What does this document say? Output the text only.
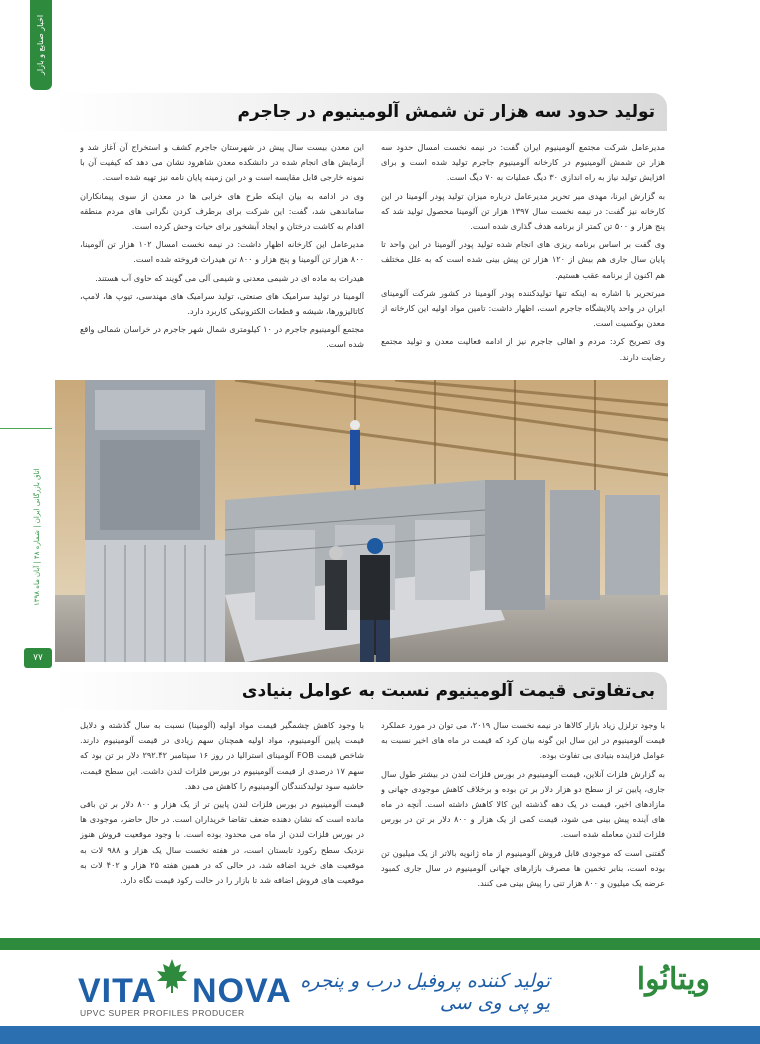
اخبار صنایع و بازار
اتاق بازرگانی ایران | شماره ۴۸ | آبان ماه ۱۳۹۸
۷۷
تولید حدود سه هزار تن شمش آلومینیوم در جاجرم

مدیرعامل شرکت مجتمع آلومینیوم ایران گفت: در نیمه نخست امسال حدود سه هزار تن شمش آلومینیوم در کارخانه آلومینیوم جاجرم تولید شده است و برای افزایش تولید نیاز به راه اندازی ۳۰ دیگ عملیات به ۷۰ دیگ است.

به گزارش ایرنا، مهدی میر تحریر مدیرعامل درباره میزان تولید پودر آلومینا در این کارخانه نیز گفت: در نیمه نخست سال ۱۳۹۷ هزار تن آلومینا محصول تولید شد که پنج هزار و ۵۰۰ تن کمتر از برنامه هدف گذاری شده است.

وی گفت بر اساس برنامه ریزی های انجام شده تولید پودر آلومینا در این واحد تا پایان سال جاری هم بیش از ۱۲۰ هزار تن پیش بینی شده است که به علل مختلف هم اکنون از برنامه عقب هستیم.

میرتحریر با اشاره به اینکه تنها تولیدکننده پودر آلومینا در کشور شرکت آلومینای ایران در واحد پالایشگاه جاجرم است، اظهار داشت: تامین مواد اولیه این کارخانه از معدن بوکسیت است.

وی تصریح کرد: مردم و اهالی جاجرم نیز از ادامه فعالیت معدن و تولید مجتمع رضایت دارند.

این معدن بیست سال پیش در شهرستان جاجرم کشف و استخراج آن آغاز شد و آزمایش های انجام شده در دانشکده معدن شاهرود نشان می دهد که کیفیت آن با نمونه خارجی قابل مقایسه است و در این زمینه پایان نامه نیز تهیه شده است.

وی در ادامه به بیان اینکه طرح های خرابی ها در معدن از سوی پیمانکاران ساماندهی شد، گفت: این شرکت برای برطرف کردن نگرانی های مردم منطقه اقدام به کاشت درختان و ایجاد آبشخور برای حیات وحش کرده است.

مدیرعامل این کارخانه اظهار داشت: در نیمه نخست امسال ۱۰۲ هزار تن آلومینا، ۸۰۰ هزار تن آلومینا و پنج هزار و ۸۰۰ تن هیدرات فروخته شده است.

هیدرات به ماده ای در شیمی معدنی و شیمی آلی می گویند که حاوی آب هستند.

آلومینا در تولید سرامیک های صنعتی، تولید سرامیک های مهندسی، تیوپ ها، لامپ، کاتالیزورها، شیشه و قطعات الکترونیکی کاربرد دارد.

مجتمع آلومینیوم جاجرم در ۱۰ کیلومتری شمال شهر جاجرم در خراسان شمالی واقع شده است.

بی‌تفاوتی قیمت آلومینیوم نسبت به عوامل بنیادی

با وجود تزلزل زیاد بازار کالاها در نیمه نخست سال ۲۰۱۹، می توان در مورد عملکرد قیمت آلومینیوم در این سال این گونه بیان کرد که قیمت در ماه های اخیر نسبت به عوامل فزاینده بنیادی بی تفاوت بوده.

به گزارش فلزات آنلاین، قیمت آلومینیوم در بورس فلزات لندن در بیشتر طول سال جاری، پایین تر از سطح دو هزار دلار بر تن بوده و برخلاف کاهش موجودی جهانی و مازادهای اخیر، قیمت در یک دهه گذشته این کالا کاهش داشته است. آنچه در ماه های آینده پیش بینی می شود، قیمت کمی از یک هزار و ۸۰۰ دلار بر تن در بورس فلزات لندن معامله شده است.

گفتنی است که موجودی قابل فروش آلومینیوم از ماه ژانویه بالاتر از یک میلیون تن بوده است، بنابر تخمین ها مصرف بازارهای جهانی آلومینیوم در سال جاری کمبود عرضه یک میلیون و ۸۰۰ هزار تنی را پیش بینی می کنند.

با وجود کاهش چشمگیر قیمت مواد اولیه (آلومینا) نسبت به سال گذشته و دلایل قیمت پایین آلومینیوم، مواد اولیه همچنان سهم زیادی در قیمت آلومینیوم دارند. شاخص قیمت FOB آلومینای استرالیا در روز ۱۶ سپتامبر ۲۹۲.۴۲ دلار بر تن بود که سهم ۱۷ درصدی از قیمت آلومینیوم در بورس فلزات لندن داشت. این سطح قیمت، حاشیه سود تولیدکنندگان آلومینیوم را کاهش می دهد.

قیمت آلومینیوم در بورس فلزات لندن پایین تر از یک هزار و ۸۰۰ دلار بر تن باقی مانده است که نشان دهنده ضعف تقاضا خریداران است. در حال حاضر، موجودی ها در بورس فلزات لندن از ماه می محدود بوده است. با وجود موقعیت فروش هنوز نزدیک سطح رکورد تابستان است، در هفته نخست سال یک هزار و ۹۸۸ لات به موقعیت های خرید اضافه شد، در حالی که در همین هفته ۲۵ هزار و ۴۰۲ لات به موقعیت های فروش اضافه شد تا بازار را در حالت رکود قیمت نگاه دارد.

VITA NOVA
UPVC SUPER PROFILES PRODUCER
تولید کننده پروفیل درب و پنجره یو پی وی سی
ویتانُوا
